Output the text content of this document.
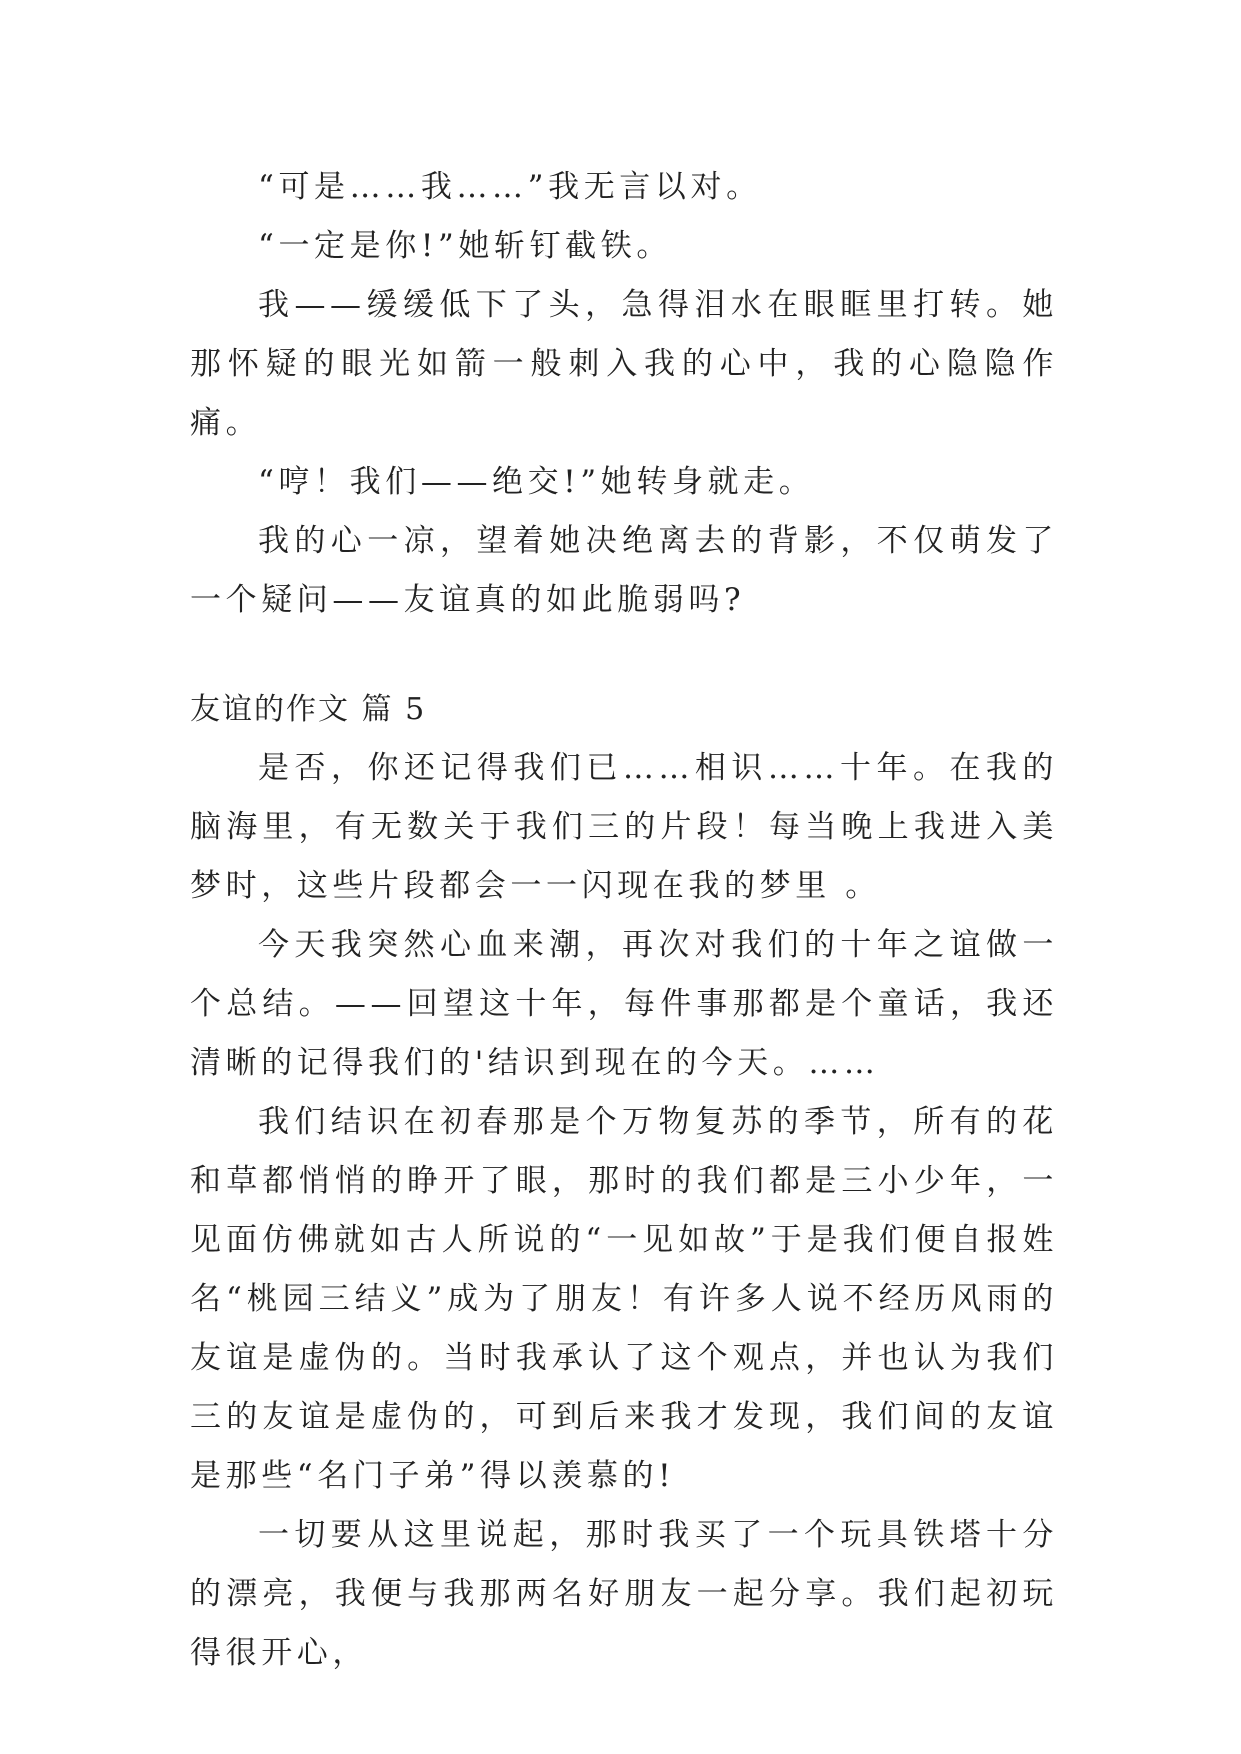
“可是……我……”我无言以对。

“一定是你!”她斩钉截铁。

我——缓缓低下了头，急得泪水在眼眶里打转。她那怀疑的眼光如箭一般刺入我的心中，我的心隐隐作痛。

“哼！我们——绝交!”她转身就走。

我的心一凉，望着她决绝离去的背影，不仅萌发了一个疑问——友谊真的如此脆弱吗?

友谊的作文 篇 5

是否，你还记得我们已……相识……十年。在我的脑海里，有无数关于我们三的片段！每当晚上我进入美梦时，这些片段都会一一闪现在我的梦里 。

今天我突然心血来潮，再次对我们的十年之谊做一个总结。——回望这十年，每件事那都是个童话，我还清晰的记得我们的'结识到现在的今天。……

我们结识在初春那是个万物复苏的季节，所有的花和草都悄悄的睁开了眼，那时的我们都是三小少年，一见面仿佛就如古人所说的“一见如故”于是我们便自报姓名“桃园三结义”成为了朋友！有许多人说不经历风雨的友谊是虚伪的。当时我承认了这个观点，并也认为我们三的友谊是虚伪的，可到后来我才发现，我们间的友谊是那些“名门子弟”得以羡慕的!

一切要从这里说起，那时我买了一个玩具铁塔十分的漂亮，我便与我那两名好朋友一起分享。我们起初玩得很开心，
